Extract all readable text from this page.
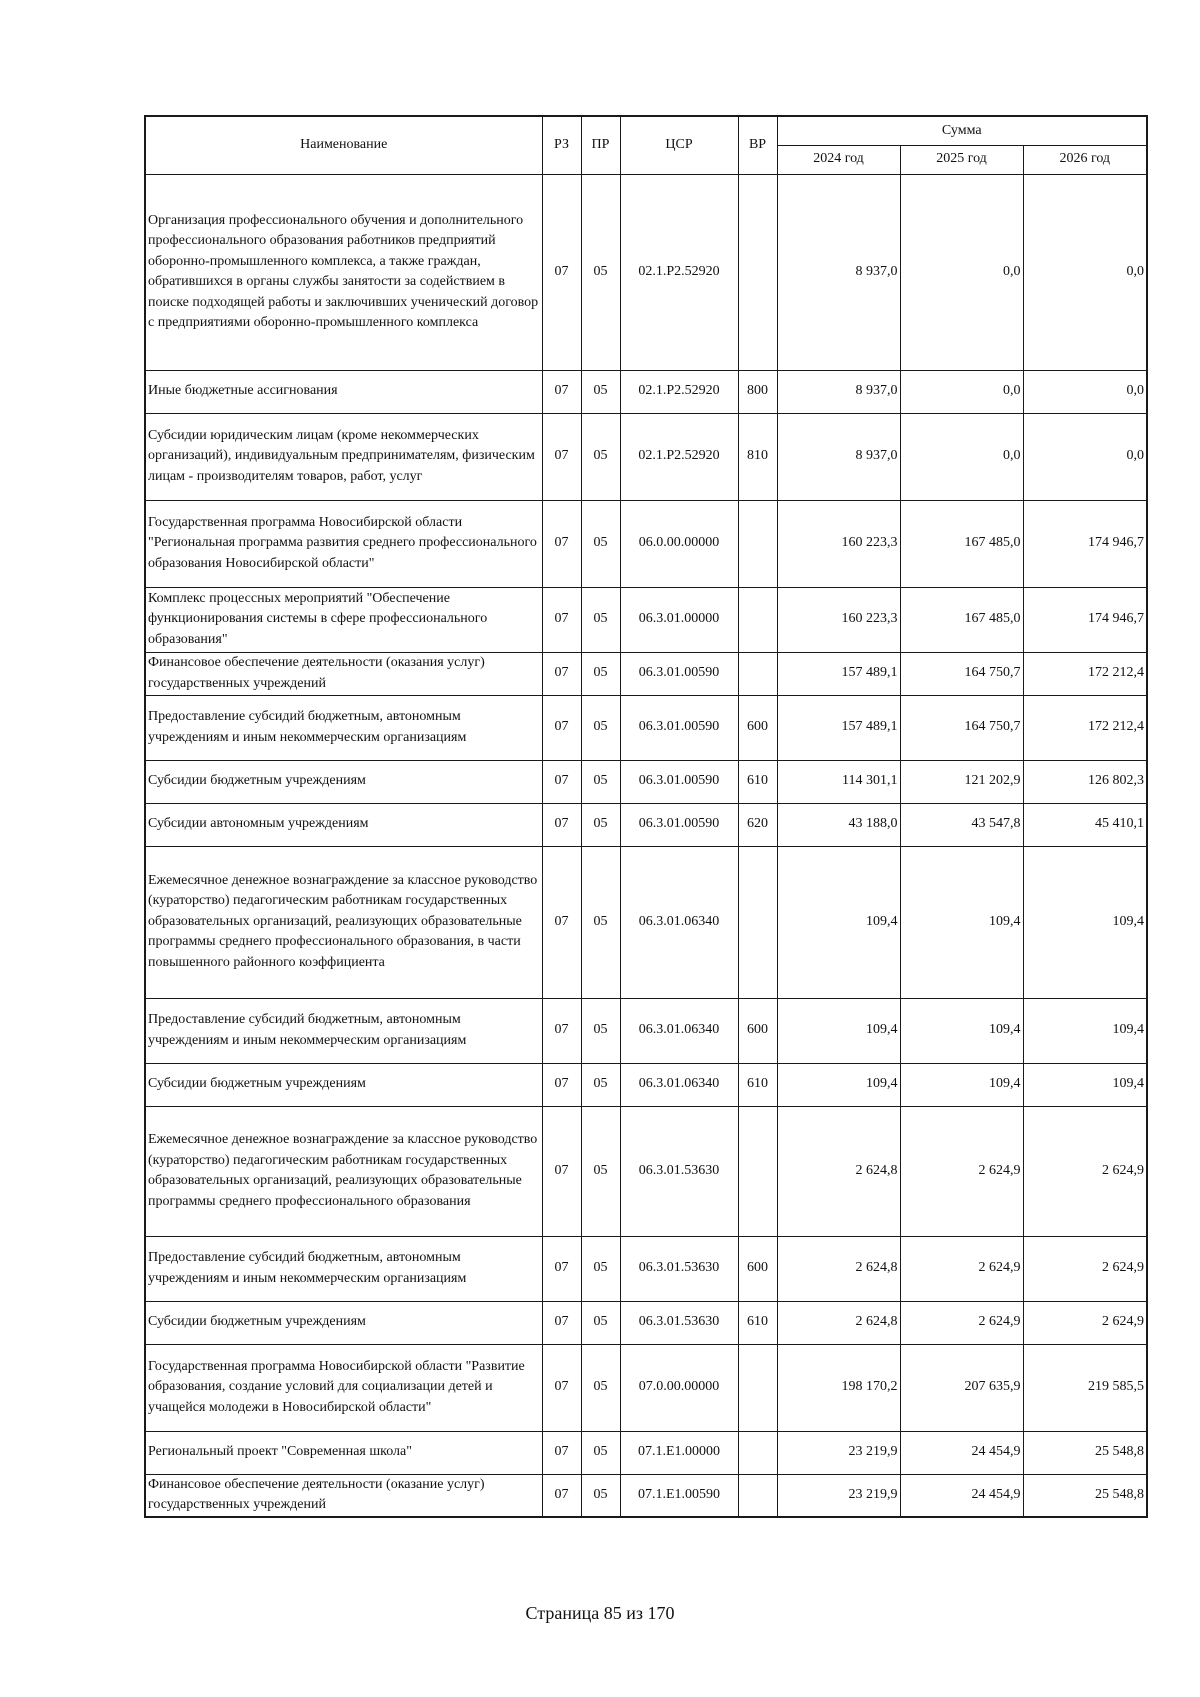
Наименование	РЗ	ПР	ЦСР	ВР	Сумма		
					2024 год	2025 год	2026 год
Организация профессионального обучения и дополнительного профессионального образования работников предприятий оборонно-промышленного комплекса, а также граждан, обратившихся в органы службы занятости за содействием в поиске подходящей работы и заключивших ученический договор с предприятиями оборонно-промышленного комплекса	07	05	02.1.P2.52920		8 937,0	0,0	0,0
Иные бюджетные ассигнования	07	05	02.1.P2.52920	800	8 937,0	0,0	0,0
Субсидии юридическим лицам (кроме некоммерческих организаций), индивидуальным предпринимателям, физическим лицам - производителям товаров, работ, услуг	07	05	02.1.P2.52920	810	8 937,0	0,0	0,0
Государственная программа Новосибирской области "Региональная программа развития среднего профессионального образования Новосибирской области"	07	05	06.0.00.00000		160 223,3	167 485,0	174 946,7
Комплекс процессных мероприятий "Обеспечение функционирования системы в сфере профессионального образования"	07	05	06.3.01.00000		160 223,3	167 485,0	174 946,7
Финансовое обеспечение деятельности (оказания услуг) государственных учреждений	07	05	06.3.01.00590		157 489,1	164 750,7	172 212,4
Предоставление субсидий бюджетным, автономным учреждениям и иным некоммерческим организациям	07	05	06.3.01.00590	600	157 489,1	164 750,7	172 212,4
Субсидии бюджетным учреждениям	07	05	06.3.01.00590	610	114 301,1	121 202,9	126 802,3
Субсидии автономным учреждениям	07	05	06.3.01.00590	620	43 188,0	43 547,8	45 410,1
Ежемесячное денежное вознаграждение за классное руководство (кураторство) педагогическим работникам государственных образовательных организаций, реализующих образовательные программы среднего профессионального образования, в части повышенного районного коэффициента	07	05	06.3.01.06340		109,4	109,4	109,4
Предоставление субсидий бюджетным, автономным учреждениям и иным некоммерческим организациям	07	05	06.3.01.06340	600	109,4	109,4	109,4
Субсидии бюджетным учреждениям	07	05	06.3.01.06340	610	109,4	109,4	109,4
Ежемесячное денежное вознаграждение за классное руководство (кураторство) педагогическим работникам государственных образовательных организаций, реализующих образовательные программы среднего профессионального образования	07	05	06.3.01.53630		2 624,8	2 624,9	2 624,9
Предоставление субсидий бюджетным, автономным учреждениям и иным некоммерческим организациям	07	05	06.3.01.53630	600	2 624,8	2 624,9	2 624,9
Субсидии бюджетным учреждениям	07	05	06.3.01.53630	610	2 624,8	2 624,9	2 624,9
Государственная программа Новосибирской области "Развитие образования, создание условий для социализации детей и учащейся молодежи в Новосибирской области"	07	05	07.0.00.00000		198 170,2	207 635,9	219 585,5
Региональный проект "Современная школа"	07	05	07.1.E1.00000		23 219,9	24 454,9	25 548,8
Финансовое обеспечение деятельности (оказание услуг) государственных учреждений	07	05	07.1.E1.00590		23 219,9	24 454,9	25 548,8
Страница 85 из 170
